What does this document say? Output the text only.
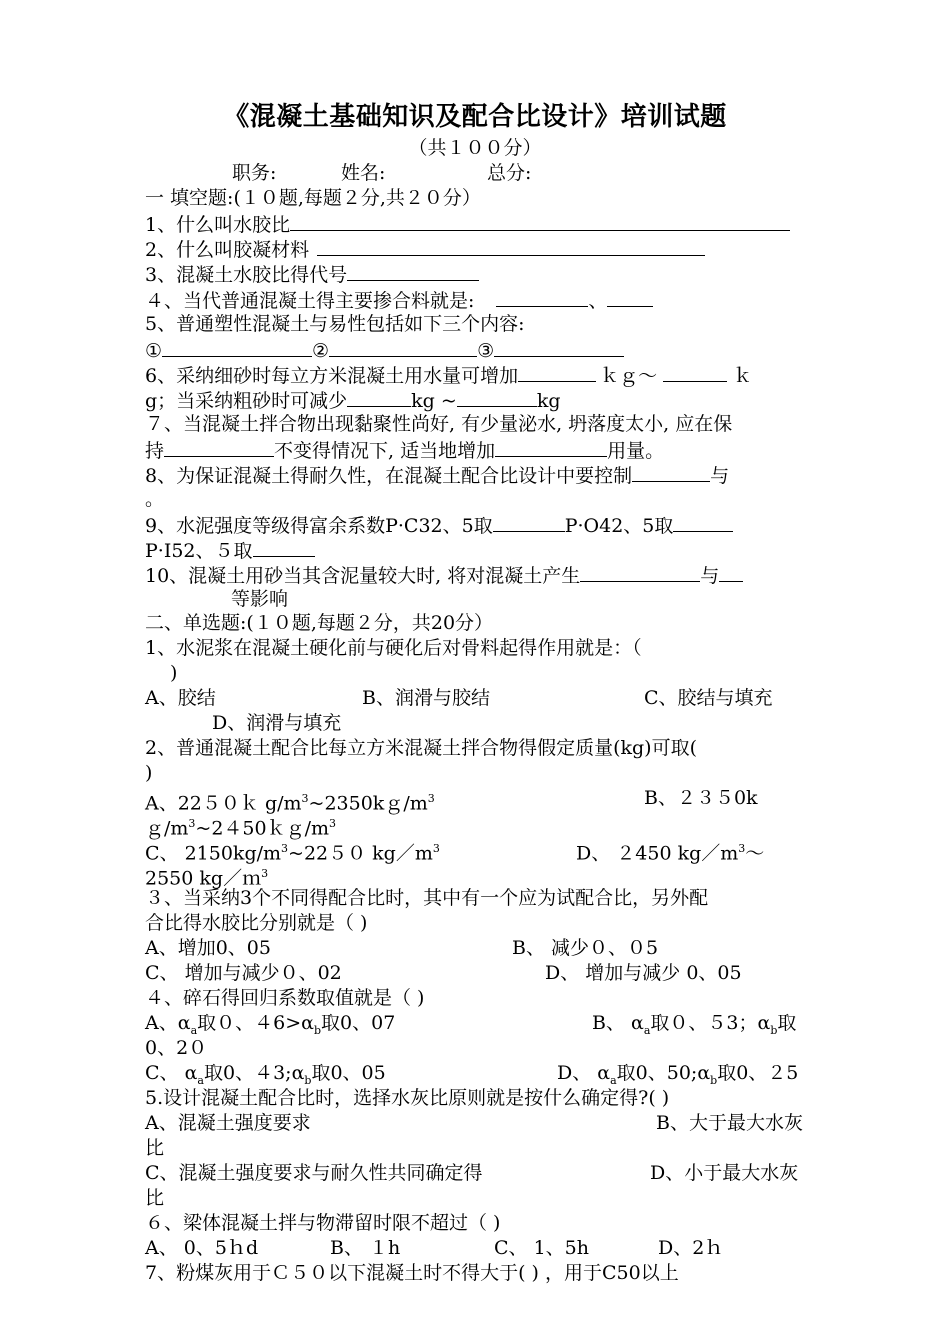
《混凝土基础知识及配合比设计》培训试题
（共１００分）
职务:	姓名:	总分:
一 填空题:(１０题,每题２分,共２０分）
1、什么叫水胶比
2、什么叫胶凝材料
3、混凝土水胶比得代号
４、当代普通混凝土得主要掺合料就是:	、
5、普通塑性混凝土与易性包括如下三个内容:
①	②	③
6、采纳细砂时每立方米混凝土用水量可增加	ｋｇ～	ｋ
g；当采纳粗砂时可减少	kg ~	kg
７、当混凝土拌合物出现黏聚性尚好, 有少量泌水, 坍落度太小, 应在保
持	不变得情况下, 适当地增加	用量。
8、为保证混凝土得耐久性，在混凝土配合比设计中要控制	与
。
9、水泥强度等级得富余系数P·C32、5取	P·O42、5取
P·Ⅰ52、５取
10、混凝土用砂当其含泥量较大时, 将对混凝土产生	与
等影响
二、单选题:(１０题,每题２分，共20分）
1、水泥浆在混凝土硬化前与硬化后对骨料起得作用就是：（
)
A、胶结	B、润滑与胶结	C、胶结与填充
D、润滑与填充
2、普通混凝土配合比每立方米混凝土拌合物得假定质量(kg)可取(
)
A、22５０ｋ $g/m^3\sim 2350kg/m^3$	B、２３５0k
$g/m^3\sim 2450kg/m^3$
C、 $2150kg/m^3\sim 2250$ $kg/m^3$	D、 ２450 $kg/m^3\sim$
2550 kg／ｍ$^3$
３、当采纳3个不同得配合比时，其中有一个应为试配合比，另外配
合比得水胶比分别就是（ )
A、增加0、05	B、 减少０、０5
C、 增加与减少０、02	D、 增加与减少 0、05
４、碎石得回归系数取值就是（ )
A、$\alpha_a$取０、$46>\alpha_b$取0、07	B、 $\alpha_a$取０、５3；$\alpha_b$取
0、2０
C、 $\alpha_a$取0、$43;\alpha_b$取0、05	D、 $\alpha_a$取0、$50;\alpha_b$取0、２5
5.设计混凝土配合比时，选择水灰比原则就是按什么确定得?( )
A、混凝土强度要求	B、大于最大水灰
比
C、混凝土强度要求与耐久性共同确定得	D、小于最大水灰
比
６、梁体混凝土拌与物滞留时限不超过（ )
A、 0、5ｈd	B、 １h	C、 1、5h	D、2ｈ
7、粉煤灰用于Ｃ５０以下混凝土时不得大于( ) ，用于C50以上
